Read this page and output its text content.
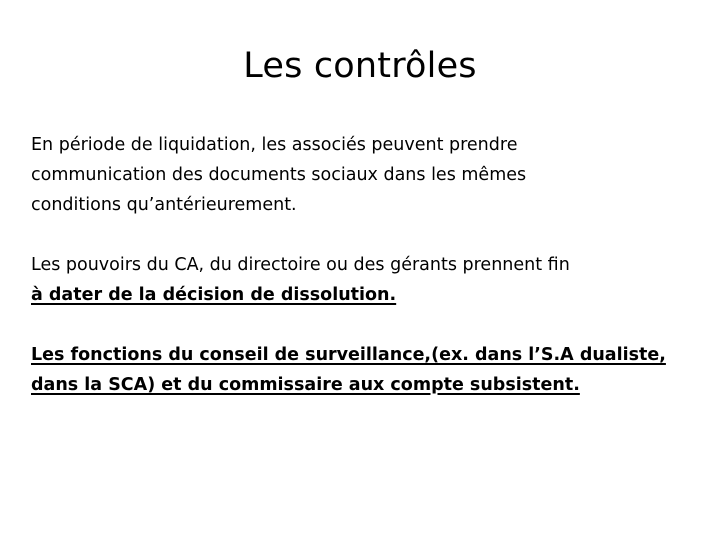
Les contrôles

En période de liquidation, les associés peuvent prendre
communication des documents sociaux dans les mêmes
conditions qu’antérieurement.

Les pouvoirs du CA, du directoire ou des gérants prennent fin
à dater de la décision de dissolution.

Les fonctions du conseil de surveillance,(ex. dans l’S.A dualiste,
dans la SCA) et du commissaire aux compte subsistent.
